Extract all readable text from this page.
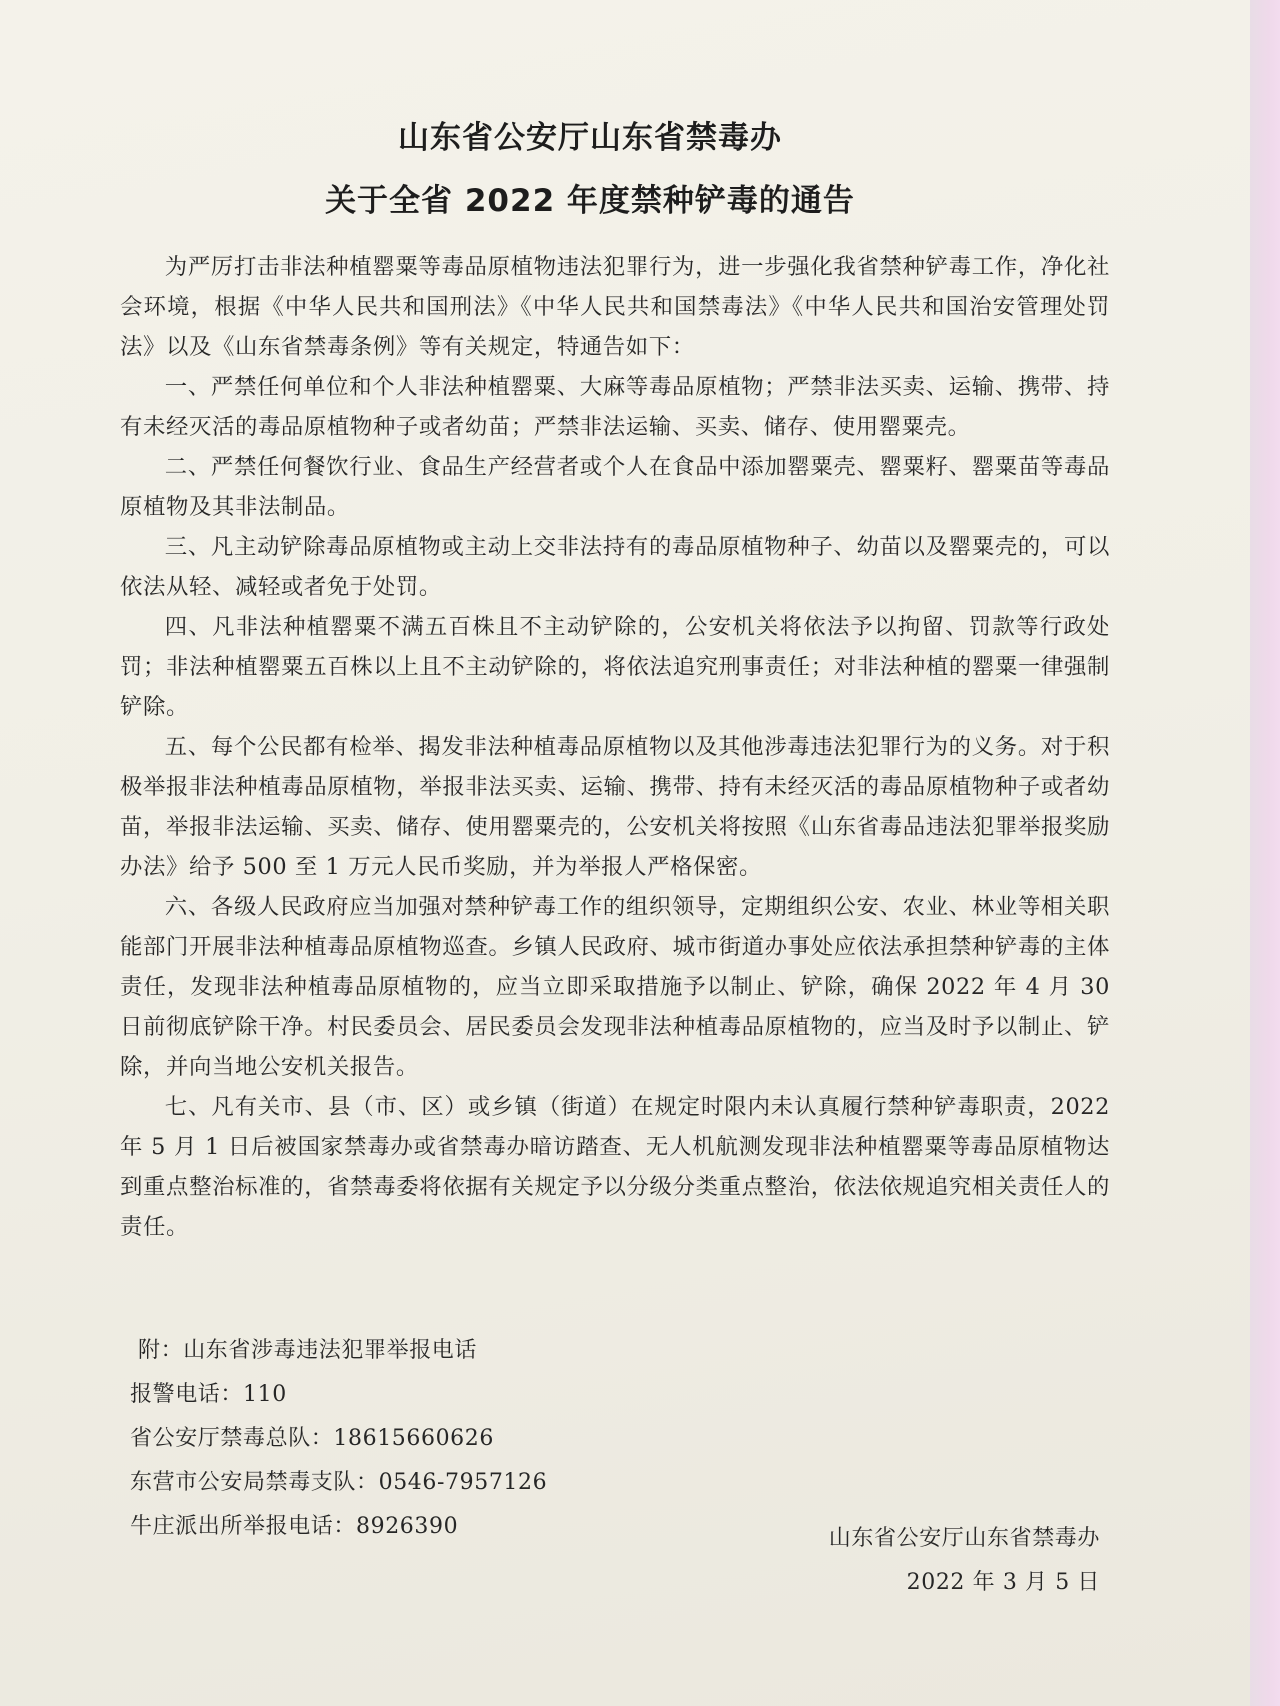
山东省公安厅山东省禁毒办
关于全省 2022 年度禁种铲毒的通告

为严厉打击非法种植罂粟等毒品原植物违法犯罪行为，进一步强化我省禁种铲毒工作，净化社会环境，根据《中华人民共和国刑法》《中华人民共和国禁毒法》《中华人民共和国治安管理处罚法》以及《山东省禁毒条例》等有关规定，特通告如下：

一、严禁任何单位和个人非法种植罂粟、大麻等毒品原植物；严禁非法买卖、运输、携带、持有未经灭活的毒品原植物种子或者幼苗；严禁非法运输、买卖、储存、使用罂粟壳。

二、严禁任何餐饮行业、食品生产经营者或个人在食品中添加罂粟壳、罂粟籽、罂粟苗等毒品原植物及其非法制品。

三、凡主动铲除毒品原植物或主动上交非法持有的毒品原植物种子、幼苗以及罂粟壳的，可以依法从轻、减轻或者免于处罚。

四、凡非法种植罂粟不满五百株且不主动铲除的，公安机关将依法予以拘留、罚款等行政处罚；非法种植罂粟五百株以上且不主动铲除的，将依法追究刑事责任；对非法种植的罂粟一律强制铲除。

五、每个公民都有检举、揭发非法种植毒品原植物以及其他涉毒违法犯罪行为的义务。对于积极举报非法种植毒品原植物，举报非法买卖、运输、携带、持有未经灭活的毒品原植物种子或者幼苗，举报非法运输、买卖、储存、使用罂粟壳的，公安机关将按照《山东省毒品违法犯罪举报奖励办法》给予 500 至 1 万元人民币奖励，并为举报人严格保密。

六、各级人民政府应当加强对禁种铲毒工作的组织领导，定期组织公安、农业、林业等相关职能部门开展非法种植毒品原植物巡查。乡镇人民政府、城市街道办事处应依法承担禁种铲毒的主体责任，发现非法种植毒品原植物的，应当立即采取措施予以制止、铲除，确保 2022 年 4 月 30 日前彻底铲除干净。村民委员会、居民委员会发现非法种植毒品原植物的，应当及时予以制止、铲除，并向当地公安机关报告。

七、凡有关市、县（市、区）或乡镇（街道）在规定时限内未认真履行禁种铲毒职责，2022 年 5 月 1 日后被国家禁毒办或省禁毒办暗访踏查、无人机航测发现非法种植罂粟等毒品原植物达到重点整治标准的，省禁毒委将依据有关规定予以分级分类重点整治，依法依规追究相关责任人的责任。

附：山东省涉毒违法犯罪举报电话
报警电话：110
省公安厅禁毒总队：18615660626
东营市公安局禁毒支队：0546-7957126
牛庄派出所举报电话：8926390	山东省公安厅山东省禁毒办
2022 年 3 月 5 日
